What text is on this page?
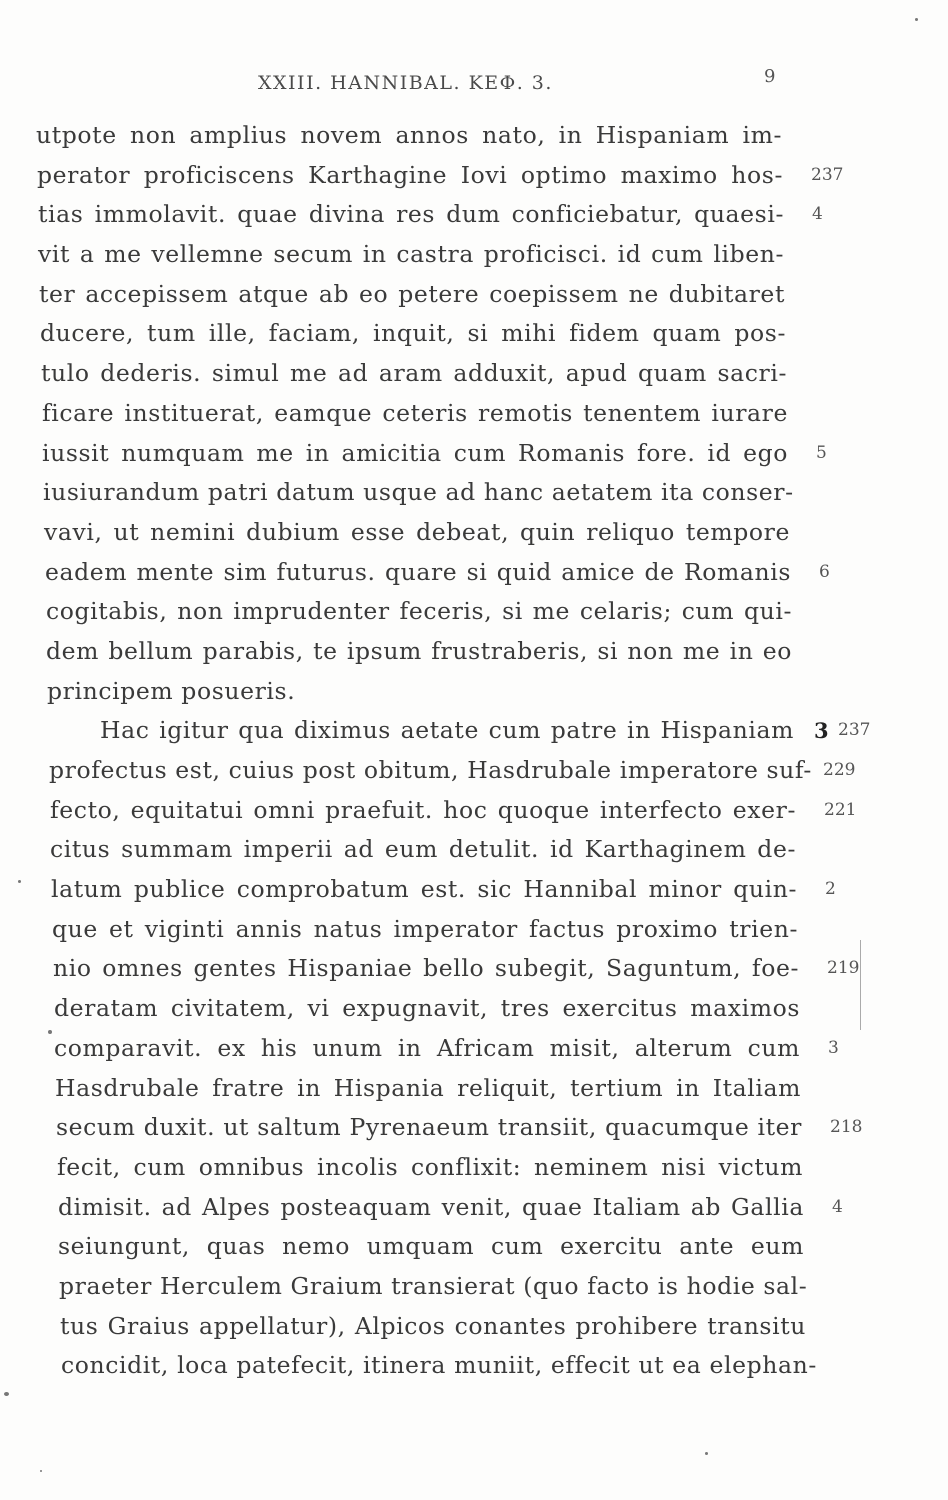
XXIII. HANNIBAL. ΚΕΦ. 3.	9
utpote non amplius novem annos nato, in Hispaniam im-
perator proficiscens Karthagine Iovi optimo maximo hos- 237
tias immolavit. quae divina res dum conficiebatur, quaesi- 4
vit a me vellemne secum in castra proficisci. id cum liben-
ter accepissem atque ab eo petere coepissem ne dubitaret
ducere, tum ille, faciam, inquit, si mihi fidem quam pos-
tulo dederis. simul me ad aram adduxit, apud quam sacri-
ficare instituerat, eamque ceteris remotis tenentem iurare
iussit numquam me in amicitia cum Romanis fore. id ego 5
iusiurandum patri datum usque ad hanc aetatem ita conser-
vavi, ut nemini dubium esse debeat, quin reliquo tempore
eadem mente sim futurus. quare si quid amice de Romanis 6
cogitabis, non imprudenter feceris, si me celaris; cum qui-
dem bellum parabis, te ipsum frustraberis, si non me in eo
principem posueris.
Hac igitur qua diximus aetate cum patre in Hispaniam 3 237
profectus est, cuius post obitum, Hasdrubale imperatore suf- 229
fecto, equitatui omni praefuit. hoc quoque interfecto exer- 221
citus summam imperii ad eum detulit. id Karthaginem de-
latum publice comprobatum est. sic Hannibal minor quin- 2
que et viginti annis natus imperator factus proximo trien-
nio omnes gentes Hispaniae bello subegit, Saguntum, foe- 219
deratam civitatem, vi expugnavit, tres exercitus maximos
comparavit. ex his unum in Africam misit, alterum cum 3
Hasdrubale fratre in Hispania reliquit, tertium in Italiam
secum duxit. ut saltum Pyrenaeum transiit, quacumque iter 218
fecit, cum omnibus incolis conflixit: neminem nisi victum
dimisit. ad Alpes posteaquam venit, quae Italiam ab Gallia 4
seiungunt, quas nemo umquam cum exercitu ante eum
praeter Herculem Graium transierat (quo facto is hodie sal-
tus Graius appellatur), Alpicos conantes prohibere transitu
concidit, loca patefecit, itinera muniit, effecit ut ea elephan-
